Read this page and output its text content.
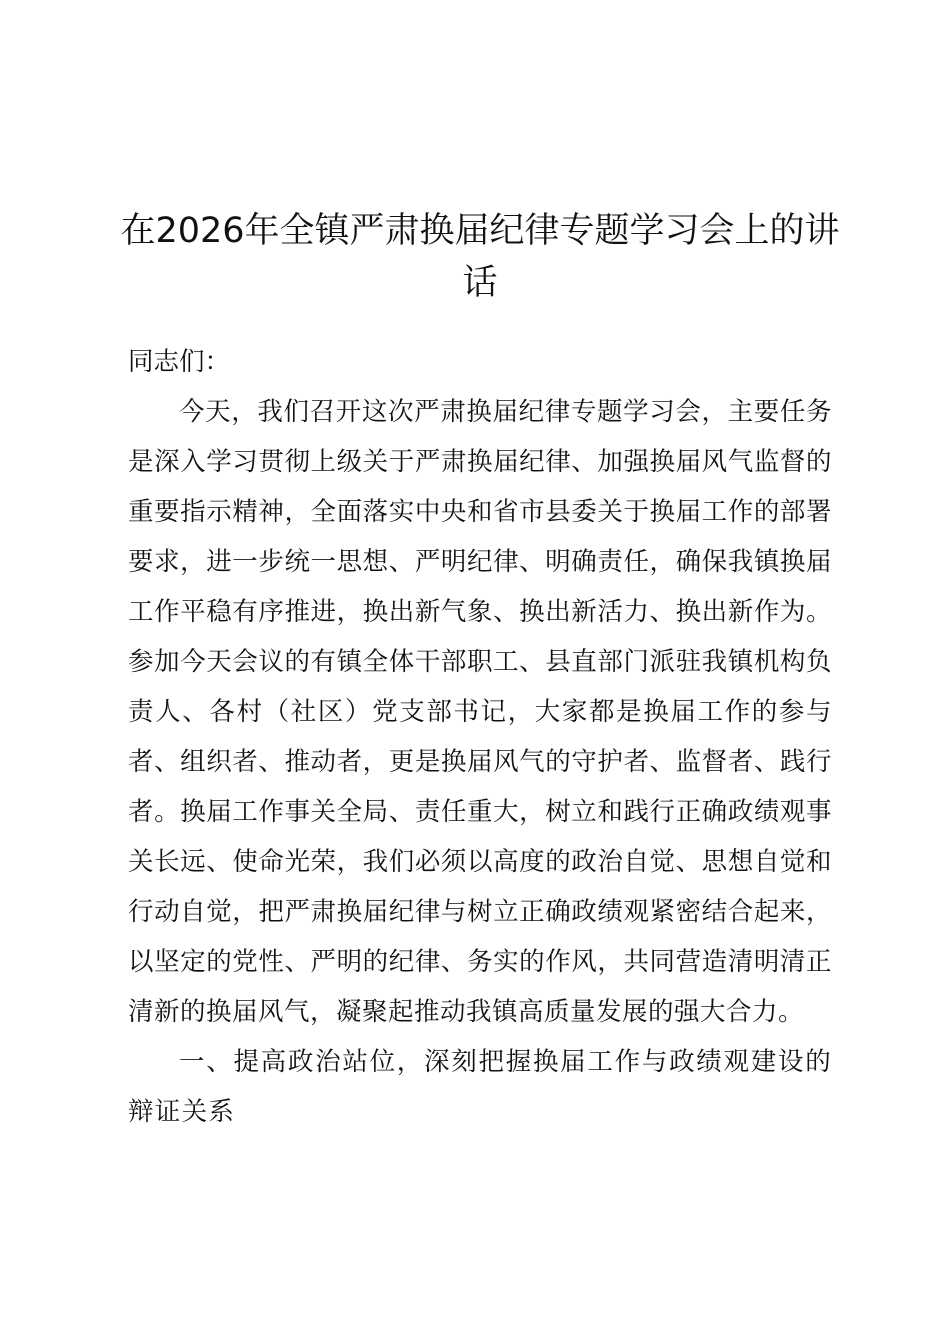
在2026年全镇严肃换届纪律专题学习会上的讲话
同志们：
今天，我们召开这次严肃换届纪律专题学习会，主要任务是深入学习贯彻上级关于严肃换届纪律、加强换届风气监督的重要指示精神，全面落实中央和省市县委关于换届工作的部署要求，进一步统一思想、严明纪律、明确责任，确保我镇换届工作平稳有序推进，换出新气象、换出新活力、换出新作为。参加今天会议的有镇全体干部职工、县直部门派驻我镇机构负责人、各村（社区）党支部书记，大家都是换届工作的参与者、组织者、推动者，更是换届风气的守护者、监督者、践行者。换届工作事关全局、责任重大，树立和践行正确政绩观事关长远、使命光荣，我们必须以高度的政治自觉、思想自觉和行动自觉，把严肃换届纪律与树立正确政绩观紧密结合起来，以坚定的党性、严明的纪律、务实的作风，共同营造清明清正清新的换届风气，凝聚起推动我镇高质量发展的强大合力。
一、提高政治站位，深刻把握换届工作与政绩观建设的辩证关系
